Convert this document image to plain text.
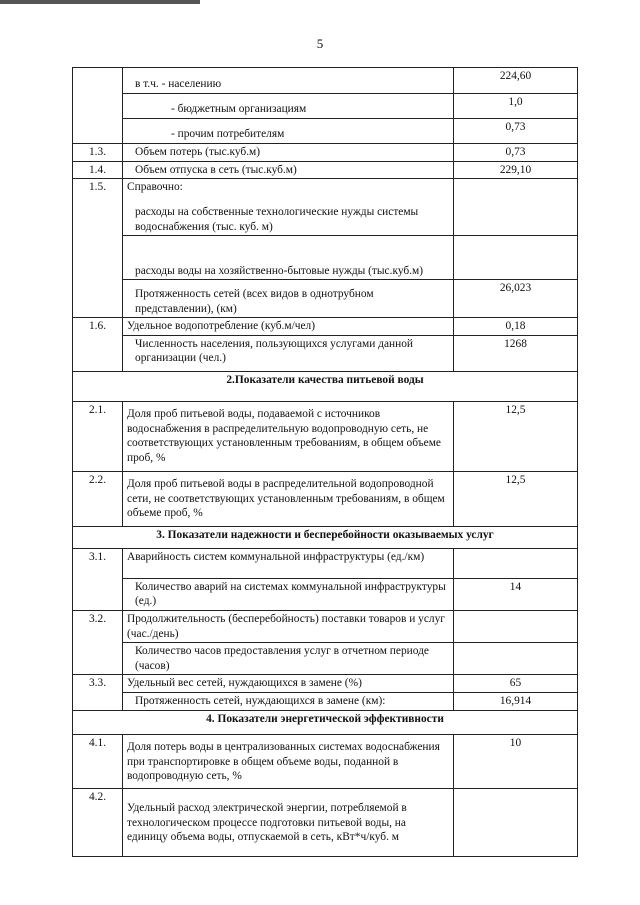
5
	в т.ч. - населению	224,60
	- бюджетным организациям	1,0
	- прочим потребителям	0,73
1.3.	Объем потерь (тыс.куб.м)	0,73
1.4.	Объем отпуска в сеть (тыс.куб.м)	229,10
1.5.	Справочно:	
	расходы на собственные технологические нужды системы водоснабжения (тыс. куб. м)	
	расходы воды на хозяйственно-бытовые нужды (тыс.куб.м)	
	Протяженность сетей (всех видов в однотрубном представлении), (км)	26,023
1.6.	Удельное водопотребление (куб.м/чел)	0,18
	Численность населения, пользующихся услугами данной организации (чел.)	1268
2.Показатели качества питьевой воды		
2.1.	Доля проб питьевой воды, подаваемой с источников водоснабжения в распределительную водопроводную сеть, не соответствующих установленным требованиям, в общем объеме проб, %	12,5
2.2.	Доля проб питьевой воды в распределительной водопроводной сети, не соответствующих установленным требованиям, в общем объеме проб, %	12,5
3. Показатели надежности и бесперебойности оказываемых услуг		
3.1.	Аварийность систем коммунальной инфраструктуры (ед./км)	
	Количество аварий на системах коммунальной инфраструктуры (ед.)	14
3.2.	Продолжительность (бесперебойность) поставки товаров и услуг (час./день)	
	Количество часов предоставления услуг в отчетном периоде (часов)	
3.3.	Удельный вес сетей, нуждающихся в замене (%)	65
	Протяженность сетей, нуждающихся в замене (км):	16,914
4. Показатели энергетической эффективности		
4.1.	Доля потерь воды в централизованных системах водоснабжения при транспортировке в общем объеме воды, поданной в водопроводную сеть, %	10
4.2.	Удельный расход электрической энергии, потребляемой в технологическом процессе подготовки питьевой воды, на единицу объема воды, отпускаемой в сеть, кВт*ч/куб. м	
